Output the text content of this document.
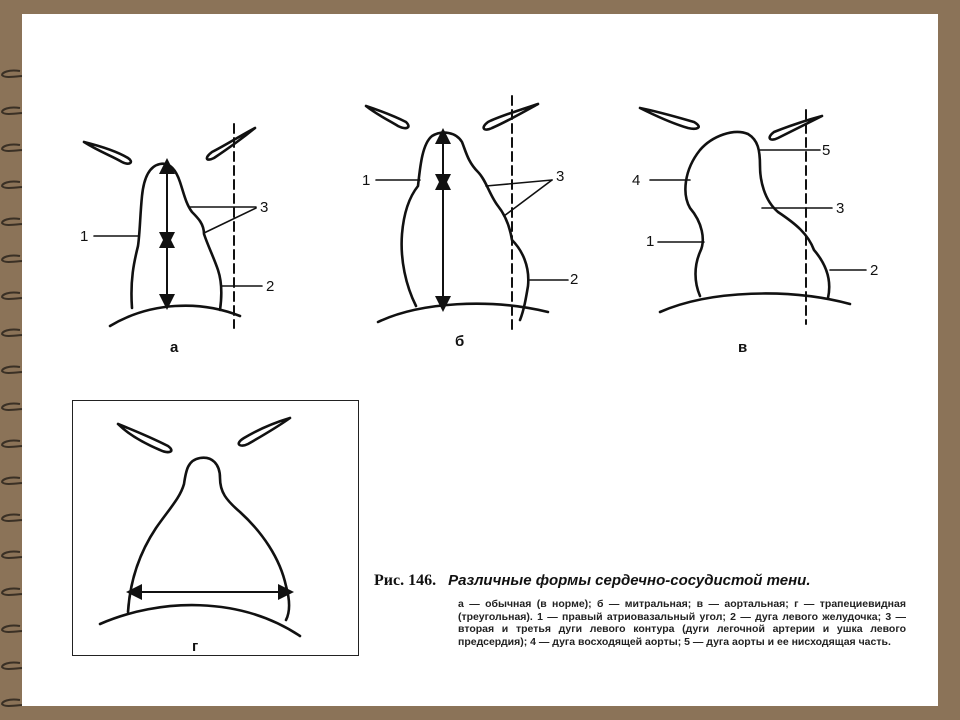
а	б	в
г
1
3
2
1	3
2
4
5
3
1
2
Рис. 146. Различные формы сердечно-сосудистой тени.
а — обычная (в норме); б — митральная; в — аортальная; г — трапециевидная (треугольная). 1 — правый атриовазальный угол; 2 — дуга левого желудочка; 3 — вторая и третья дуги левого контура (дуги легочной артерии и ушка левого предсердия); 4 — дуга восходящей аорты; 5 — дуга аорты и ее нисходящая часть.
